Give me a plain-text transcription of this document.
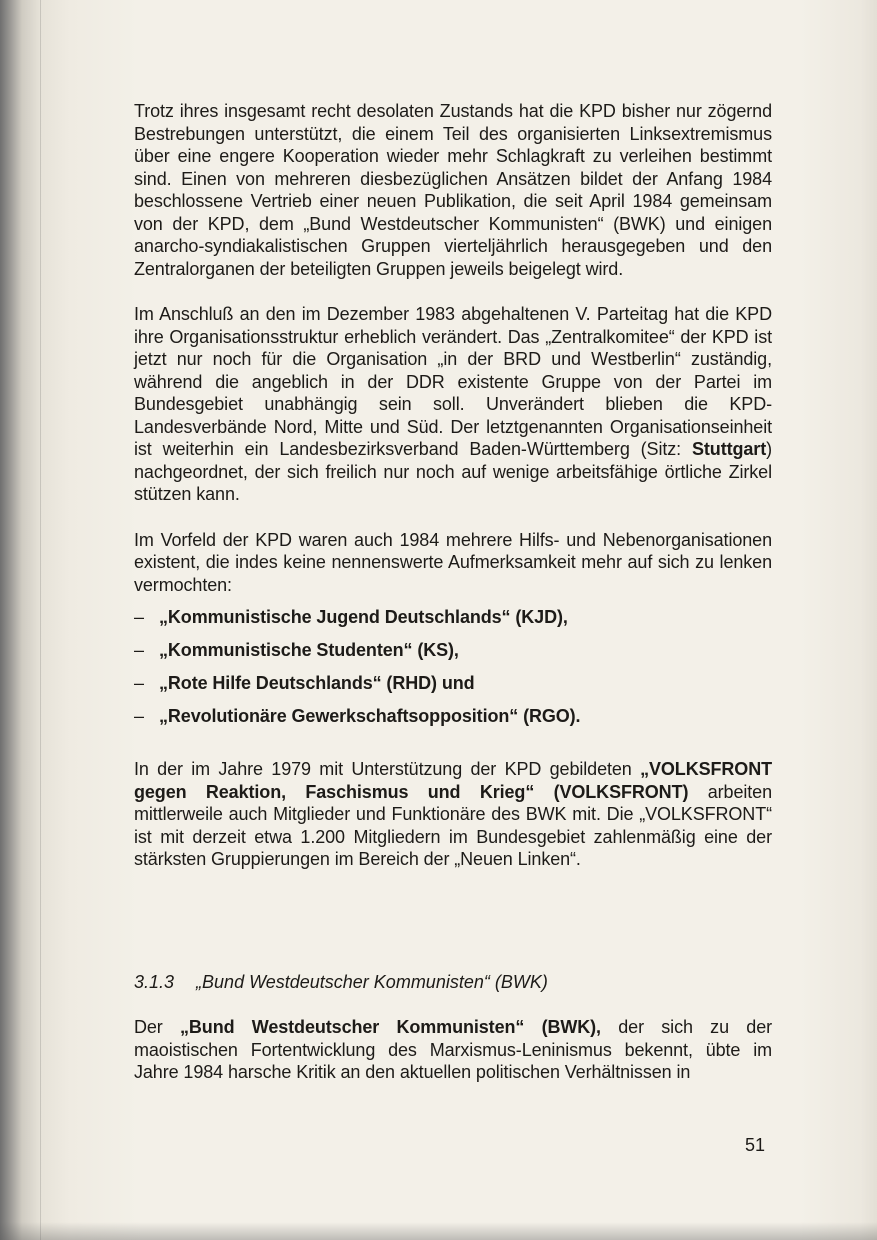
Trotz ihres insgesamt recht desolaten Zustands hat die KPD bisher nur zögernd Bestrebungen unterstützt, die einem Teil des organisierten Linksextremismus über eine engere Kooperation wieder mehr Schlagkraft zu verleihen bestimmt sind. Einen von mehreren diesbezüglichen Ansätzen bildet der Anfang 1984 beschlossene Vertrieb einer neuen Publikation, die seit April 1984 gemeinsam von der KPD, dem „Bund Westdeutscher Kommunisten“ (BWK) und einigen anarcho-syndiakalistischen Gruppen vierteljährlich herausgegeben und den Zentralorganen der beteiligten Gruppen jeweils beigelegt wird.

Im Anschluß an den im Dezember 1983 abgehaltenen V. Parteitag hat die KPD ihre Organisationsstruktur erheblich verändert. Das „Zentralkomitee“ der KPD ist jetzt nur noch für die Organisation „in der BRD und Westberlin“ zuständig, während die angeblich in der DDR existente Gruppe von der Partei im Bundesgebiet unabhängig sein soll. Unverändert blieben die KPD-Landesverbände Nord, Mitte und Süd. Der letztgenannten Organisationseinheit ist weiterhin ein Landesbezirksverband Baden-Württemberg (Sitz: Stuttgart) nachgeordnet, der sich freilich nur noch auf wenige arbeitsfähige örtliche Zirkel stützen kann.

Im Vorfeld der KPD waren auch 1984 mehrere Hilfs- und Nebenorganisationen existent, die indes keine nennenswerte Aufmerksamkeit mehr auf sich zu lenken vermochten:

– „Kommunistische Jugend Deutschlands“ (KJD),
– „Kommunistische Studenten“ (KS),
– „Rote Hilfe Deutschlands“ (RHD) und
– „Revolutionäre Gewerkschaftsopposition“ (RGO).

In der im Jahre 1979 mit Unterstützung der KPD gebildeten „VOLKSFRONT gegen Reaktion, Faschismus und Krieg“ (VOLKSFRONT) arbeiten mittlerweile auch Mitglieder und Funktionäre des BWK mit. Die „VOLKSFRONT“ ist mit derzeit etwa 1.200 Mitgliedern im Bundesgebiet zahlenmäßig eine der stärksten Gruppierungen im Bereich der „Neuen Linken“.

3.1.3 „Bund Westdeutscher Kommunisten“ (BWK)

Der „Bund Westdeutscher Kommunisten“ (BWK), der sich zu der maoistischen Fortentwicklung des Marxismus-Leninismus bekennt, übte im Jahre 1984 harsche Kritik an den aktuellen politischen Verhältnissen in

51
